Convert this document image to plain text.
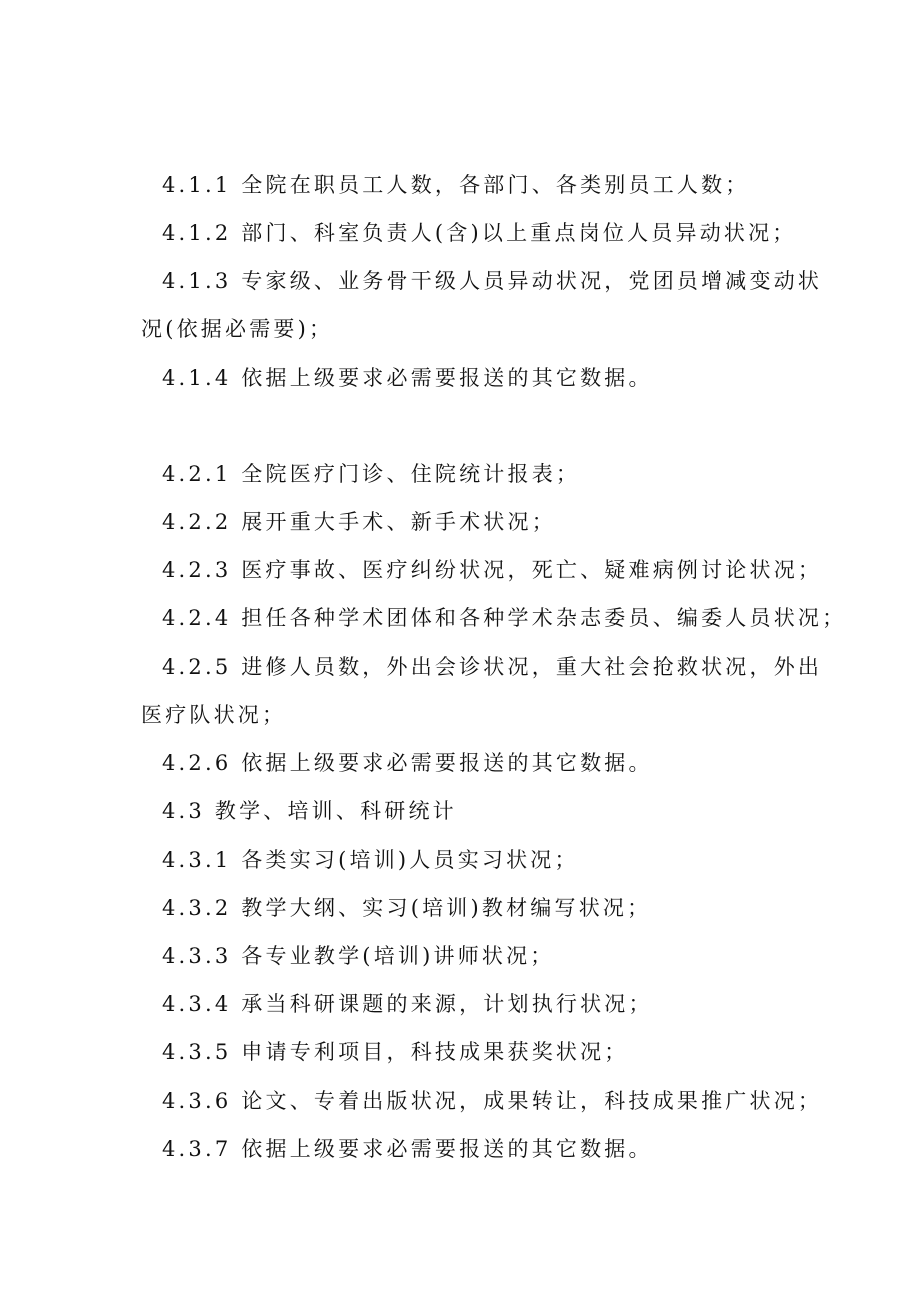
4.1.1 全院在职员工人数，各部门、各类别员工人数；
4.1.2 部门、科室负责人(含)以上重点岗位人员异动状况；
4.1.3 专家级、业务骨干级人员异动状况，党团员增减变动状
况(依据必需要)；
4.1.4 依据上级要求必需要报送的其它数据。
4.2.1 全院医疗门诊、住院统计报表；
4.2.2 展开重大手术、新手术状况；
4.2.3 医疗事故、医疗纠纷状况，死亡、疑难病例讨论状况；
4.2.4 担任各种学术团体和各种学术杂志委员、编委人员状况；
4.2.5 进修人员数，外出会诊状况，重大社会抢救状况，外出
医疗队状况；
4.2.6 依据上级要求必需要报送的其它数据。
4.3 教学、培训、科研统计
4.3.1 各类实习(培训)人员实习状况；
4.3.2 教学大纲、实习(培训)教材编写状况；
4.3.3 各专业教学(培训)讲师状况；
4.3.4 承当科研课题的来源，计划执行状况；
4.3.5 申请专利项目，科技成果获奖状况；
4.3.6 论文、专着出版状况，成果转让，科技成果推广状况；
4.3.7 依据上级要求必需要报送的其它数据。
